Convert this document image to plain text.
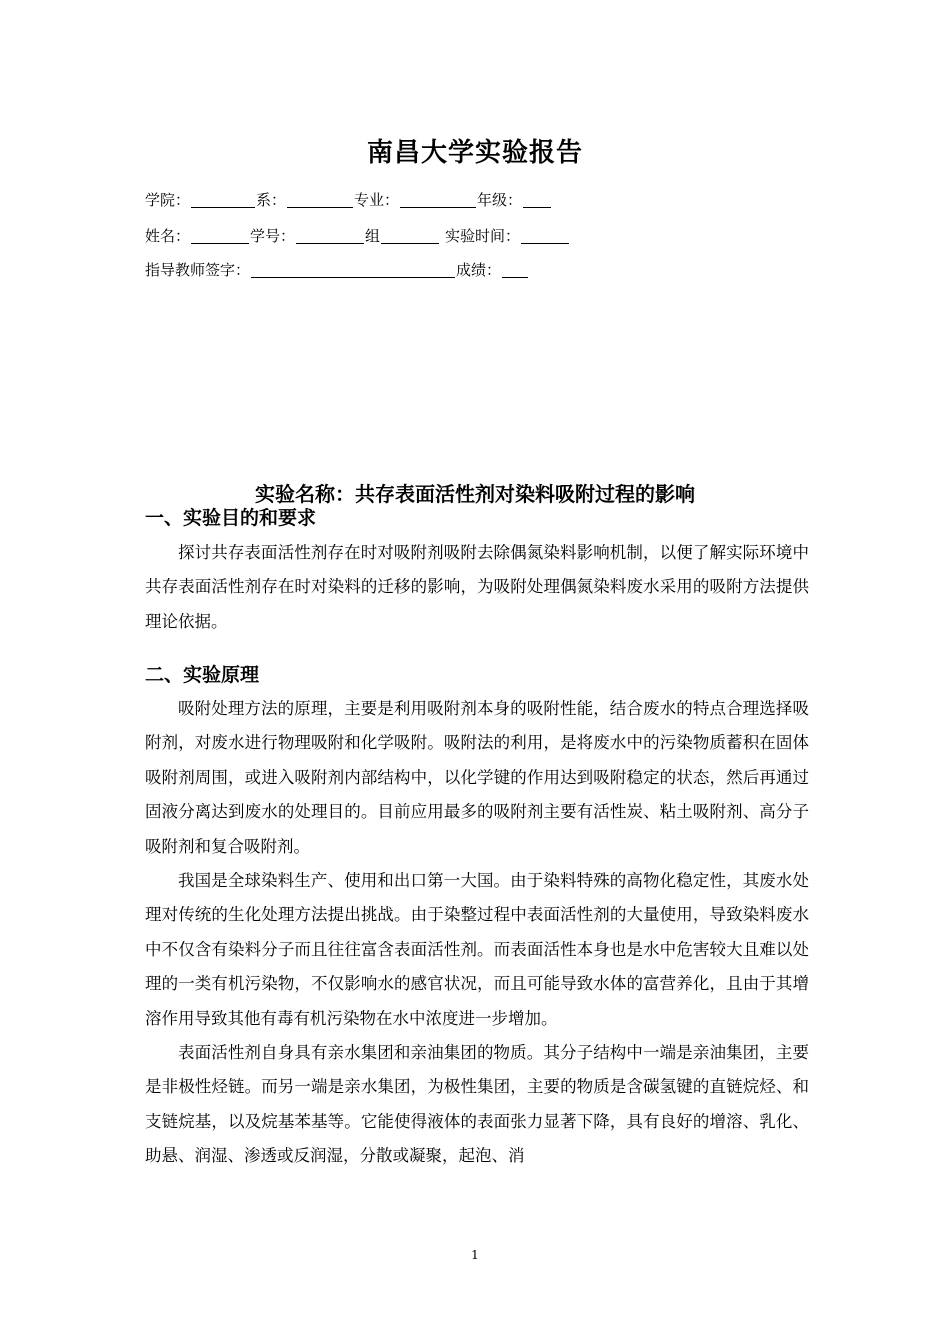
南昌大学实验报告
学院：	系：	专业：	年级：
姓名：	学号：	组	实验时间：
指导教师签字：	成绩：
实验名称：共存表面活性剂对染料吸附过程的影响
一、实验目的和要求

探讨共存表面活性剂存在时对吸附剂吸附去除偶氮染料影响机制，以便了解实际环境中共存表面活性剂存在时对染料的迁移的影响，为吸附处理偶氮染料废水采用的吸附方法提供理论依据。

二、实验原理

吸附处理方法的原理，主要是利用吸附剂本身的吸附性能，结合废水的特点合理选择吸附剂，对废水进行物理吸附和化学吸附。吸附法的利用，是将废水中的污染物质蓄积在固体吸附剂周围，或进入吸附剂内部结构中，以化学键的作用达到吸附稳定的状态，然后再通过固液分离达到废水的处理目的。目前应用最多的吸附剂主要有活性炭、粘土吸附剂、高分子吸附剂和复合吸附剂。

我国是全球染料生产、使用和出口第一大国。由于染料特殊的高物化稳定性，其废水处理对传统的生化处理方法提出挑战。由于染整过程中表面活性剂的大量使用，导致染料废水中不仅含有染料分子而且往往富含表面活性剂。而表面活性本身也是水中危害较大且难以处理的一类有机污染物，不仅影响水的感官状况，而且可能导致水体的富营养化，且由于其增溶作用导致其他有毒有机污染物在水中浓度进一步增加。

表面活性剂自身具有亲水集团和亲油集团的物质。其分子结构中一端是亲油集团，主要是非极性烃链。而另一端是亲水集团，为极性集团，主要的物质是含碳氢键的直链烷烃、和支链烷基，以及烷基苯基等。它能使得液体的表面张力显著下降，具有良好的增溶、乳化、助悬、润湿、渗透或反润湿，分散或凝聚，起泡、消

1
